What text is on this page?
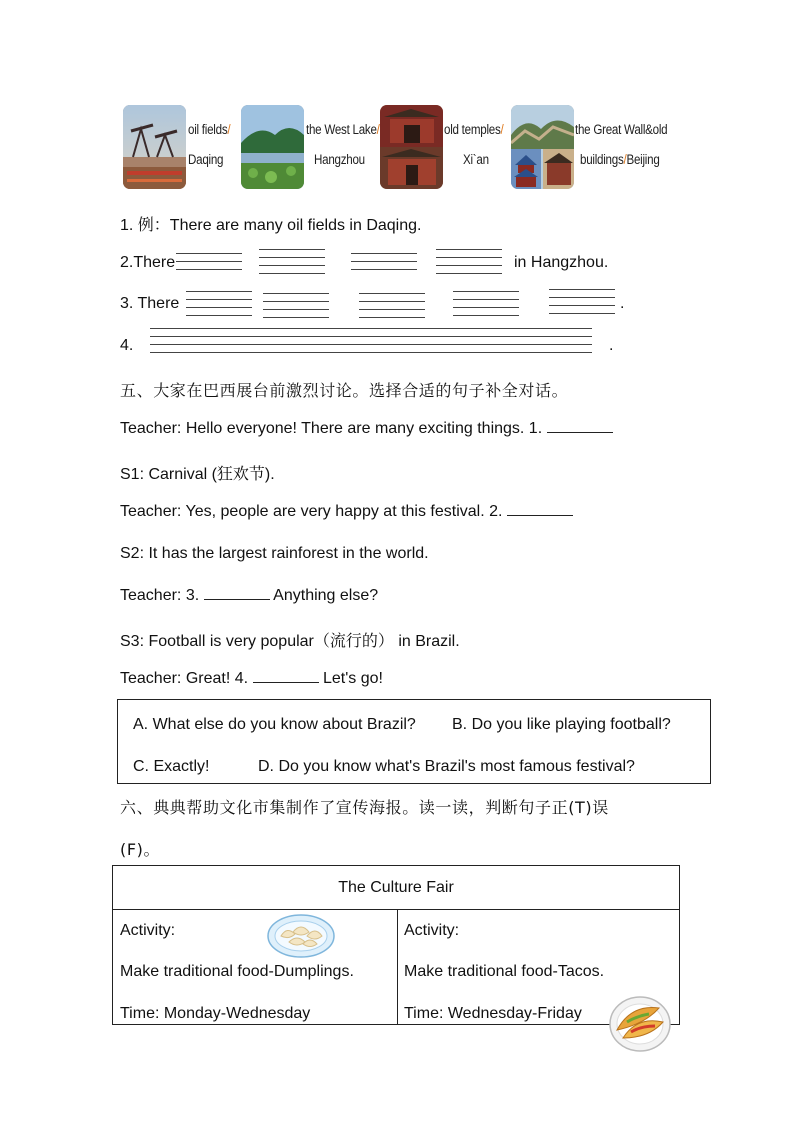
oil fields/
Daqing
the West Lake/
Hangzhou
old temples/
Xi`an
the Great Wall&old
buildings/Beijing
1. 例：There are many oil fields in Daqing.
2.There	in Hangzhou.
3. There	.
4.	.
五、大家在巴西展台前激烈讨论。选择合适的句子补全对话。
Teacher: Hello everyone! There are many exciting things. 1.
S1: Carnival (狂欢节).
Teacher: Yes, people are very happy at this festival. 2.
S2: It has the largest rainforest in the world.
Teacher: 3.	Anything else?
S3: Football is very popular（流行的） in Brazil.
Teacher: Great! 4.	Let's go!
A. What else do you know about Brazil? B. Do you like playing football?
C. Exactly!	D. Do you know what's Brazil's most famous festival?
六、典典帮助文化市集制作了宣传海报。读一读，判断句子正(T)误
(F)。
The Culture Fair
Activity:
Make traditional food-Dumplings.
Time: Monday-Wednesday
Activity:
Make traditional food-Tacos.
Time: Wednesday-Friday
